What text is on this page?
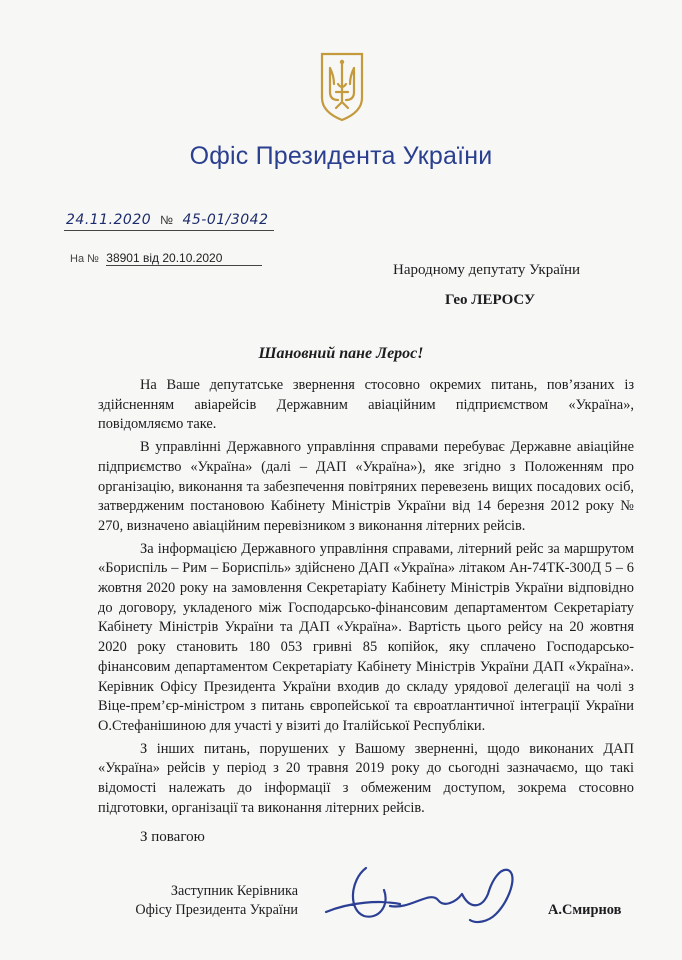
Офіс Президента України
24.11.2020 № 45-01/3042
На № 38901 від 20.10.2020
Народному депутату України
Гео ЛЕРОСУ
Шановний пане Лерос!

На Ваше депутатське звернення стосовно окремих питань, пов’язаних із здійсненням авіарейсів Державним авіаційним підприємством «Україна», повідомляємо таке.

В управлінні Державного управління справами перебуває Державне авіаційне підприємство «Україна» (далі – ДАП «Україна»), яке згідно з Положенням про організацію, виконання та забезпечення повітряних перевезень вищих посадових осіб, затвердженим постановою Кабінету Міністрів України від 14 березня 2012 року № 270, визначено авіаційним перевізником з виконання літерних рейсів.

За інформацією Державного управління справами, літерний рейс за маршрутом «Бориспіль – Рим – Бориспіль» здійснено ДАП «Україна» літаком Ан-74ТК-300Д 5 – 6 жовтня 2020 року на замовлення Секретаріату Кабінету Міністрів України відповідно до договору, укладеного між Господарсько-фінансовим департаментом Секретаріату Кабінету Міністрів України та ДАП «Україна». Вартість цього рейсу на 20 жовтня 2020 року становить 180 053 гривні 85 копійок, яку сплачено Господарсько-фінансовим департаментом Секретаріату Кабінету Міністрів України ДАП «Україна». Керівник Офісу Президента України входив до складу урядової делегації на чолі з Віце-прем’єр-міністром з питань європейської та євроатлантичної інтеграції України О.Стефанішиною для участі у візиті до Італійської Республіки.

З інших питань, порушених у Вашому зверненні, щодо виконаних ДАП «Україна» рейсів у період з 20 травня 2019 року до сьогодні зазначаємо, що такі відомості належать до інформації з обмеженим доступом, зокрема стосовно підготовки, організації та виконання літерних рейсів.

З повагою
Заступник Керівника
Офісу Президента України	А.Смирнов
